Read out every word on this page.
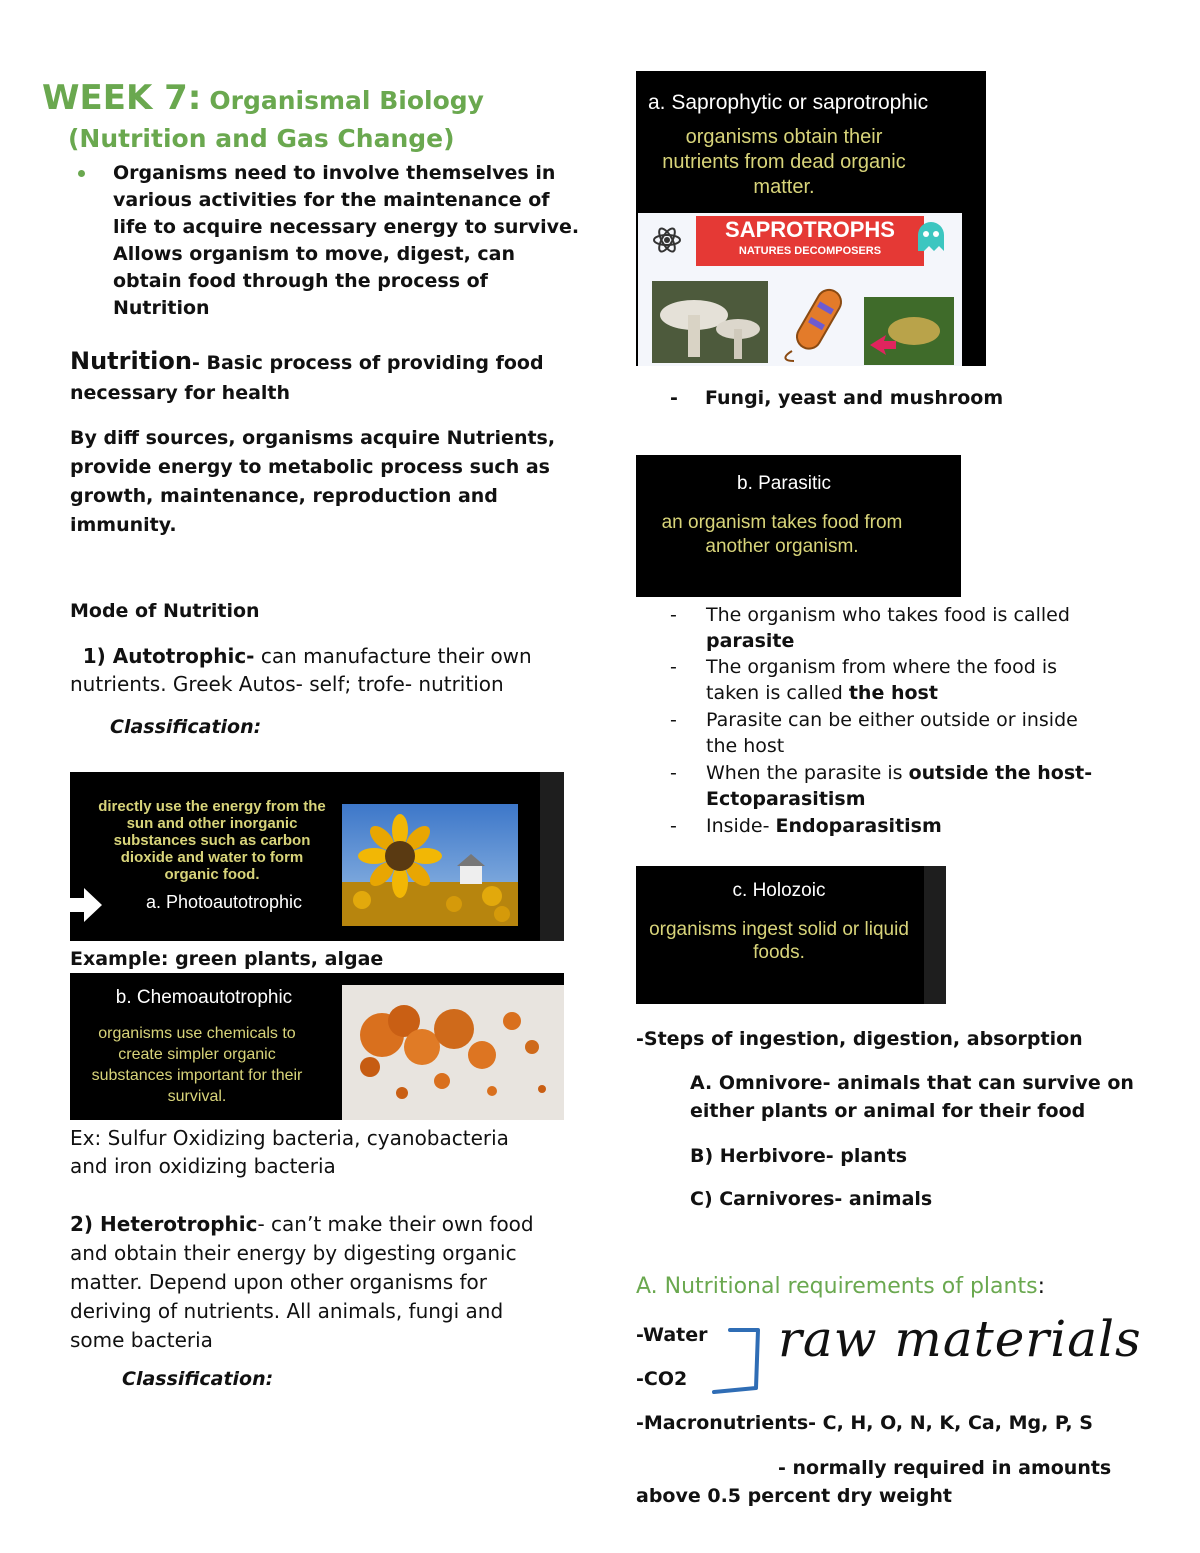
WEEK 7: Organismal Biology
(Nutrition and Gas Change)
Organisms need to involve themselves in
various activities for the maintenance of
life to acquire necessary energy to survive.
Allows organism to move, digest, can
obtain food through the process of Nutrition
Nutrition- Basic process of providing food
necessary for health
By diff sources, organisms acquire Nutrients,
provide energy to metabolic process such as
growth, maintenance, reproduction and
immunity.
Mode of Nutrition
1) Autotrophic- can manufacture their own
nutrients. Greek Autos- self; trofe- nutrition
Classification:
directly use the energy from the
sun and other inorganic
substances such as carbon
dioxide and water to form
organic food.
a. Photoautotrophic
Example: green plants, algae
b. Chemoautotrophic
organisms use chemicals to
create simpler organic
substances important for their
survival.
Ex: Sulfur Oxidizing bacteria, cyanobacteria
and iron oxidizing bacteria
2) Heterotrophic- can’t make their own food
and obtain their energy by digesting organic
matter. Depend upon other organisms for
deriving of nutrients. All animals, fungi and
some bacteria
Classification:
a. Saprophytic or saprotrophic
organisms obtain their
nutrients from dead organic
matter.
SAPROTROPHS
NATURES DECOMPOSERS
- Fungi, yeast and mushroom
b. Parasitic
an organism takes food from
another organism.
- The organism who takes food is called
parasite
- The organism from where the food is
taken is called the host
- Parasite can be either outside or inside
the host
- When the parasite is outside the host-
Ectoparasitism
- Inside- Endoparasitism
c. Holozoic
organisms ingest solid or liquid
foods.
-Steps of ingestion, digestion, absorption
A. Omnivore- animals that can survive on
either plants or animal for their food
B) Herbivore- plants
C) Carnivores- animals
A. Nutritional requirements of plants:
-Water
-CO2
raw materials
-Macronutrients- C, H, O, N, K, Ca, Mg, P, S
- normally required in amounts
above 0.5 percent dry weight
